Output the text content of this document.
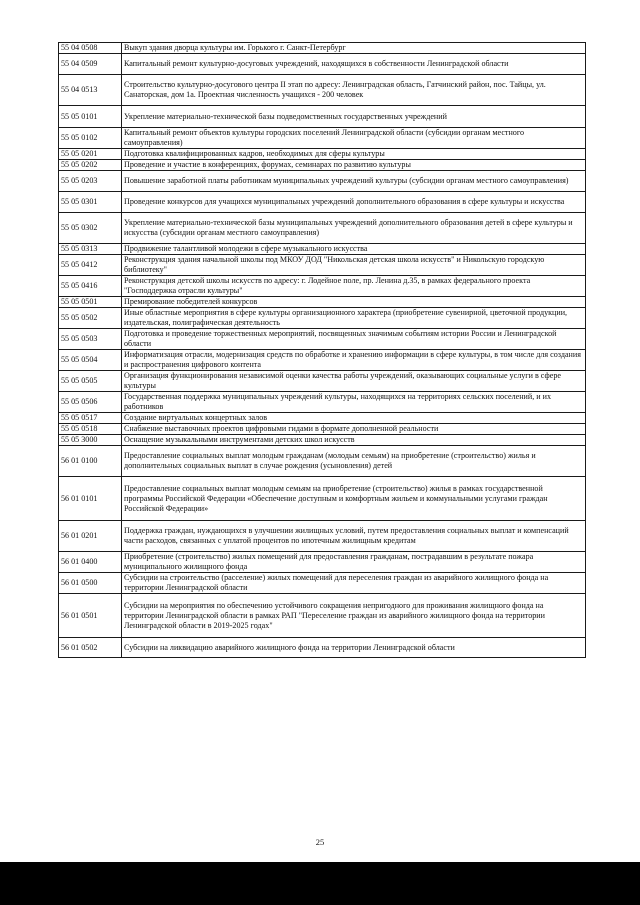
55 04 0508	Выкуп здания дворца культуры им. Горького г. Санкт-Петербург
55 04 0509	Капитальный ремонт культурно-досуговых учреждений, находящихся в собственности Ленинградской области
55 04 0513	Строительство культурно-досугового центра II этап по адресу: Ленинградская область, Гатчинский район, пос. Тайцы, ул. Санаторская, дом 1а. Проектная численность учащихся - 200 человек
55 05 0101	Укрепление материально-технической базы подведомственных государственных учреждений
55 05 0102	Капитальный ремонт объектов культуры городских поселений Ленинградской области (субсидии органам местного самоуправления)
55 05 0201	Подготовка квалифицированных кадров, необходимых для сферы культуры
55 05 0202	Проведение и участие в конференциях, форумах, семинарах по развитию культуры
55 05 0203	Повышение заработной платы работникам муниципальных учреждений культуры (субсидии органам местного самоуправления)
55 05 0301	Проведение конкурсов для учащихся муниципальных учреждений дополнительного образования в сфере культуры и искусства
55 05 0302	Укрепление материально-технической базы муниципальных учреждений дополнительного образования детей в сфере культуры и искусства (субсидии органам местного самоуправления)
55 05 0313	Продвижение талантливой молодежи в сфере музыкального искусства
55 05 0412	Реконструкция здания начальной школы под МКОУ ДОД "Никольская детская школа искусств" и Никольскую городскую библиотеку"
55 05 0416	Реконструкция детской школы искусств по адресу: г. Лодейное поле, пр. Ленина д.35, в рамках федерального проекта "Господдержка отрасли культуры"
55 05 0501	Премирование победителей конкурсов
55 05 0502	Иные областные мероприятия в сфере культуры организационного характера (приобретение сувенирной, цветочной продукции, издательская, полиграфическая деятельность
55 05 0503	Подготовка и проведение торжественных мероприятий, посвященных значимым событиям истории России и Ленинградской области
55 05 0504	Информатизация отрасли, модернизация средств по обработке и хранению информации в сфере культуры, в том числе для создания и распространения цифрового контента
55 05 0505	Организация функционирования независимой оценки качества работы учреждений, оказывающих социальные услуги в сфере культуры
55 05 0506	Государственная поддержка муниципальных учреждений культуры, находящихся на территориях сельских поселений, и их работников
55 05 0517	Создание виртуальных концертных залов
55 05 0518	Снабжение выставочных проектов цифровыми гидами в формате дополненной реальности
55 05 3000	Оснащение музыкальными инструментами детских школ искусств
56 01 0100	Предоставление социальных выплат молодым гражданам (молодым семьям) на приобретение (строительство) жилья и дополнительных социальных выплат в случае рождения (усыновления) детей
56 01 0101	Предоставление социальных выплат молодым семьям на приобретение (строительство) жилья в рамках государственной программы Российской Федерации «Обеспечение доступным и комфортным жильем и коммунальными услугами граждан Российской Федерации»
56 01 0201	Поддержка граждан, нуждающихся в улучшении жилищных условий, путем предоставления социальных выплат и компенсаций части расходов, связанных с уплатой процентов по ипотечным жилищным кредитам
56 01 0400	Приобретение (строительство) жилых помещений для предоставления гражданам, пострадавшим в результате пожара муниципального жилищного фонда
56 01 0500	Субсидии на строительство (расселение) жилых помещений для переселения граждан из аварийного жилищного фонда на территории Ленинградской области
56 01 0501	Субсидии на мероприятия по обеспечению устойчивого сокращения непригодного для проживания жилищного фонда на территории Ленинградской области в рамках РАП "Переселение граждан из аварийного жилищного фонда на территории Ленинградской области в 2019-2025 годах"
56 01 0502	Субсидии на ликвидацию аварийного жилищного фонда на территории Ленинградской области
25
